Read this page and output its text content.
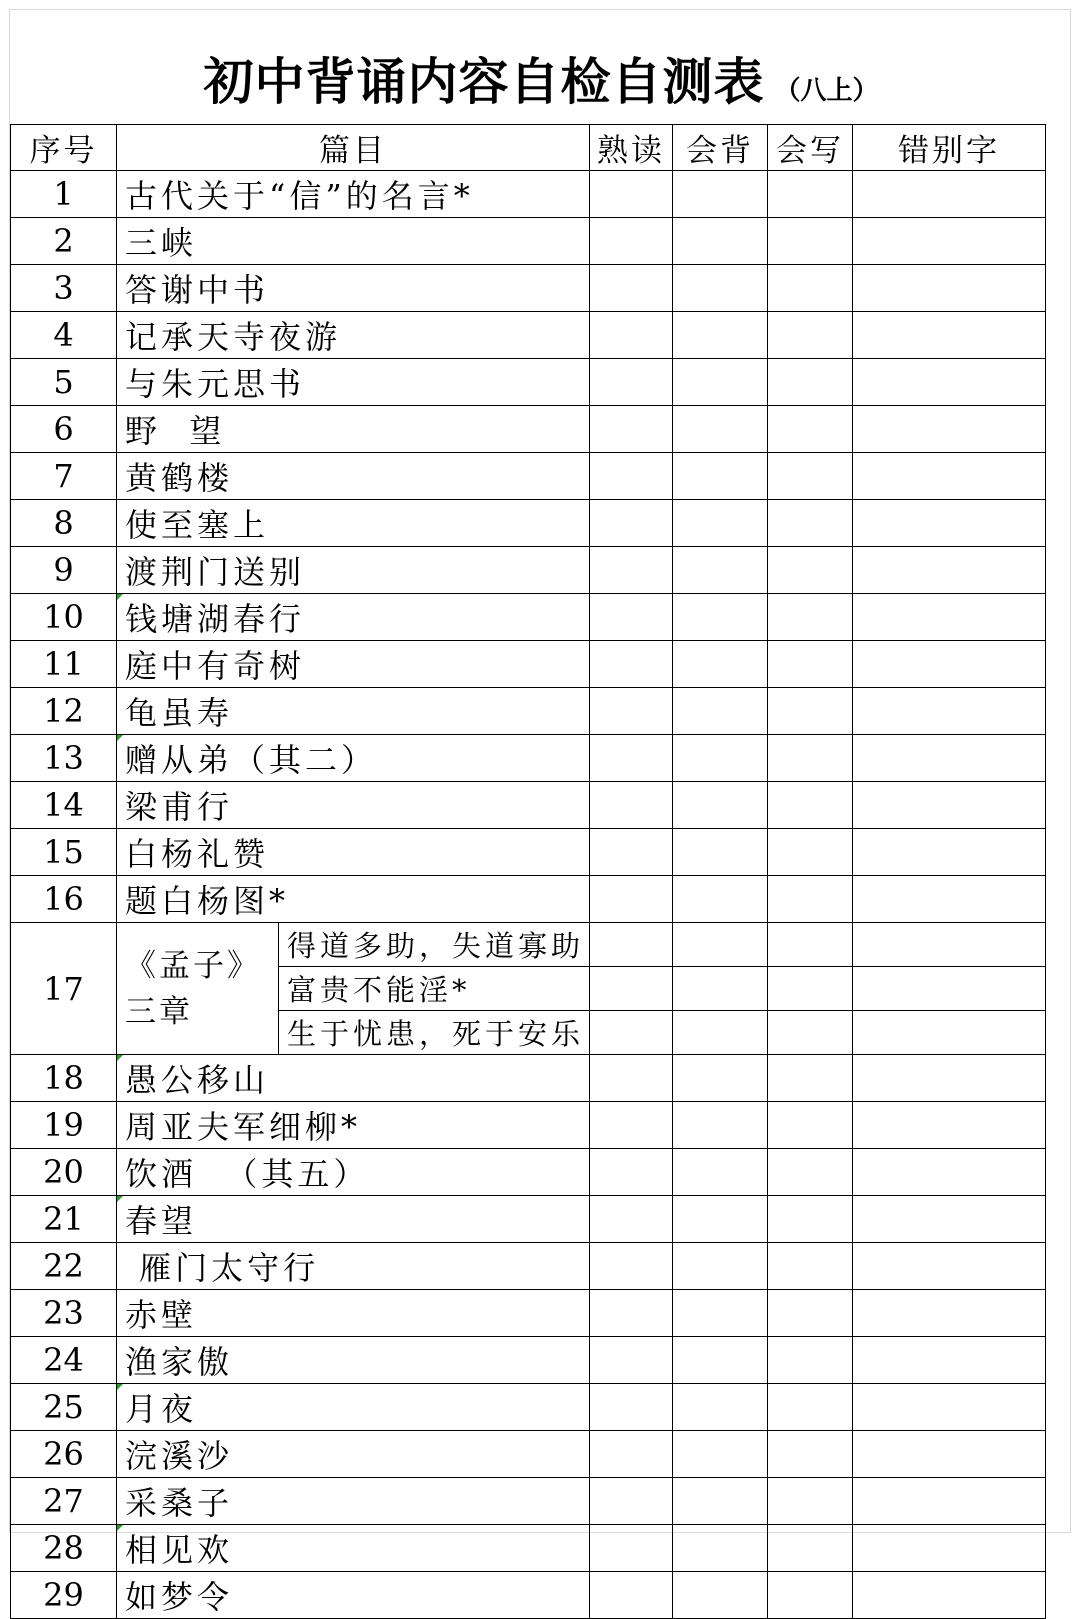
初中背诵内容自检自测表 （八上）
序号	篇目		熟读	会背	会写	错别字
1	古代关于“信”的名言*					
2	三峡					
3	答谢中书					
4	记承天寺夜游					
5	与朱元思书					
6	野  望					
7	黄鹤楼					
8	使至塞上					
9	渡荆门送别					
10	钱塘湖春行					
11	庭中有奇树					
12	龟虽寿					
13	赠从弟（其二）					
14	梁甫行					
15	白杨礼赞					
16	题白杨图*					
17	《孟子》三章	得道多助，失道寡助				
		富贵不能淫*				
		生于忧患，死于安乐				
18	愚公移山					
19	周亚夫军细柳*					
20	饮酒  （其五）					
21	春望					
22	雁门太守行					
23	赤壁					
24	渔家傲					
25	月夜					
26	浣溪沙					
27	采桑子					
28	相见欢					
29	如梦令					
